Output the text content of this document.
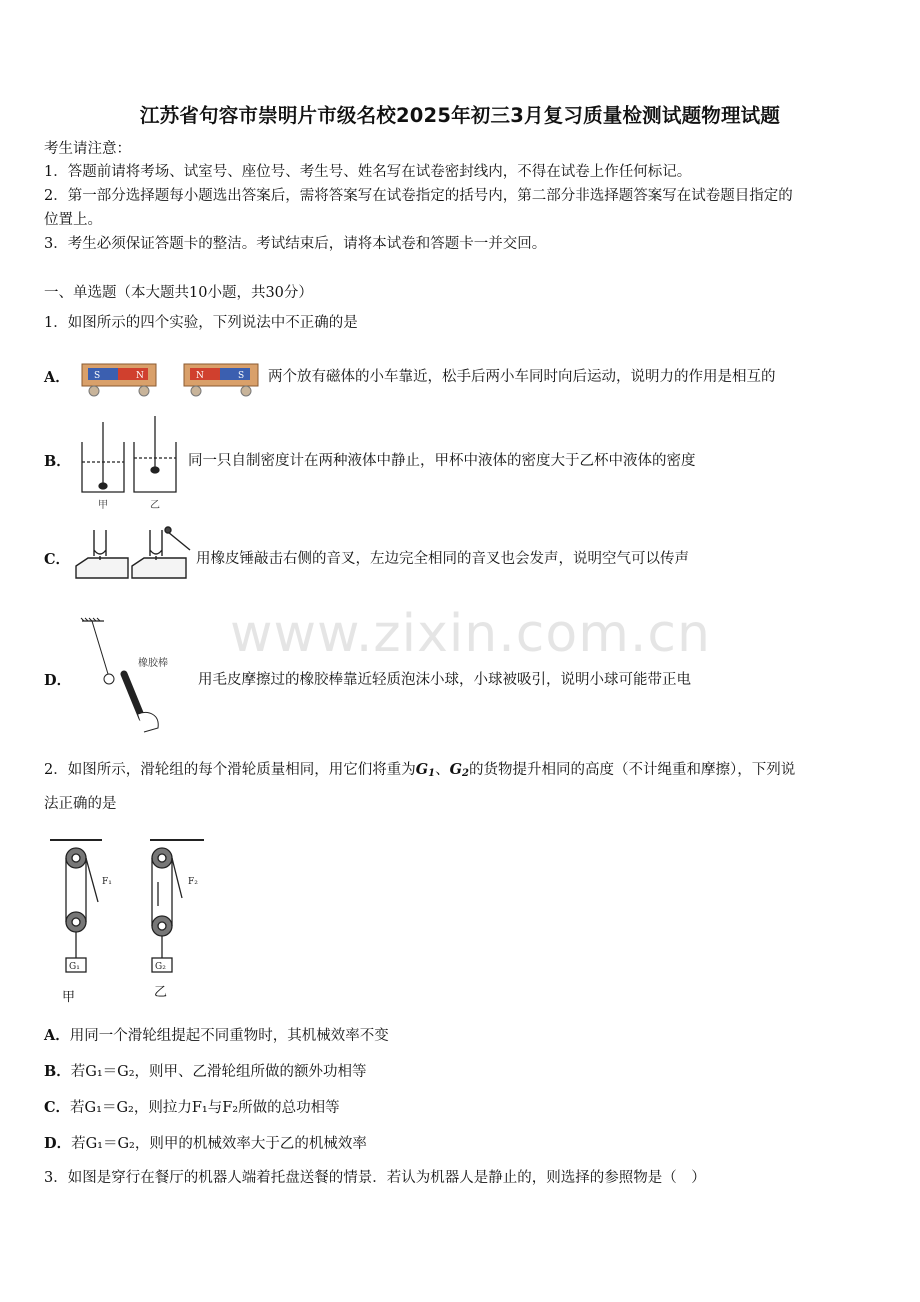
江苏省句容市崇明片市级名校2025年初三3月复习质量检测试题物理试题
考生请注意：
1．答题前请将考场、试室号、座位号、考生号、姓名写在试卷密封线内，不得在试卷上作任何标记。
2．第一部分选择题每小题选出答案后，需将答案写在试卷指定的括号内，第二部分非选择题答案写在试卷题目指定的
位置上。
3．考生必须保证答题卡的整洁。考试结束后，请将本试卷和答题卡一并交回。
一、单选题（本大题共10小题，共30分）
1．如图所示的四个实验，下列说法中不正确的是
A．	S	N	N	S 两个放有磁体的小车靠近，松手后两小车同时向后运动，说明力的作用是相互的
B．
甲	乙
同一只自制密度计在两种液体中静止，甲杯中液体的密度大于乙杯中液体的密度
C．	用橡皮锤敲击右侧的音叉，左边完全相同的音叉也会发声，说明空气可以传声
D．
橡胶棒
用毛皮摩擦过的橡胶棒靠近轻质泡沫小球，小球被吸引，说明小球可能带正电
www.zixin.com.cn
2．如图所示，滑轮组的每个滑轮质量相同，用它们将重为$G_1$、$G_2$的货物提升相同的高度（不计绳重和摩擦），下列说
法正确的是
F₁	F₂
G₁	G₂
甲	乙
A．用同一个滑轮组提起不同重物时，其机械效率不变
B．若G₁＝G₂，则甲、乙滑轮组所做的额外功相等
C．若G₁＝G₂，则拉力F₁与F₂所做的总功相等
D．若G₁＝G₂，则甲的机械效率大于乙的机械效率
3．如图是穿行在餐厅的机器人端着托盘送餐的情景．若认为机器人是静止的，则选择的参照物是（　）
